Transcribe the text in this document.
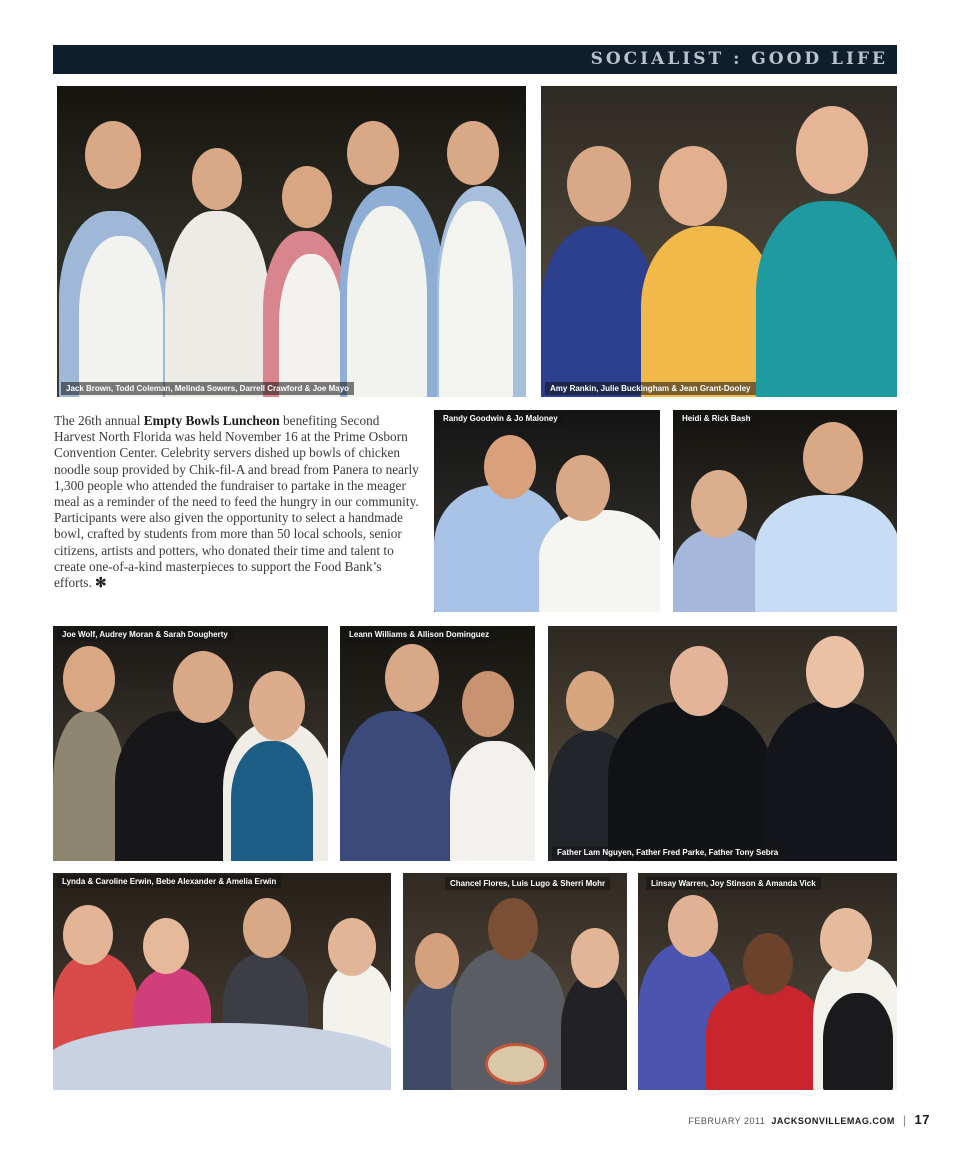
SOCIALIST : GOOD LIFE
Jack Brown, Todd Coleman, Melinda Sowers, Darrell Crawford & Joe Mayo	Amy Rankin, Julie Buckingham & Jean Grant-Dooley

The 26th annual Empty Bowls Luncheon benefiting Second Harvest North Florida was held November 16 at the Prime Osborn Convention Center. Celebrity servers dished up bowls of chicken noodle soup provided by Chik-fil-A and bread from Panera to nearly 1,300 people who attended the fundraiser to partake in the meager meal as a reminder of the need to feed the hungry in our community. Participants were also given the opportunity to select a handmade bowl, crafted by students from more than 50 local schools, senior citizens, artists and potters, who donated their time and talent to create one-of-a-kind masterpieces to support the Food Bank’s efforts. ✻

Randy Goodwin & Jo Maloney	Heidi & Rick Bash
Joe Wolf, Audrey Moran & Sarah Dougherty	Leann Williams & Allison Dominguez
Father Lam Nguyen, Father Fred Parke, Father Tony Sebra
Lynda & Caroline Erwin, Bebe Alexander & Amelia Erwin	Chancel Flores, Luis Lugo & Sherri Mohr	Linsay Warren, Joy Stinson & Amanda Vick
FEBRUARY 2011 JACKSONVILLEMAG.COM | 17
